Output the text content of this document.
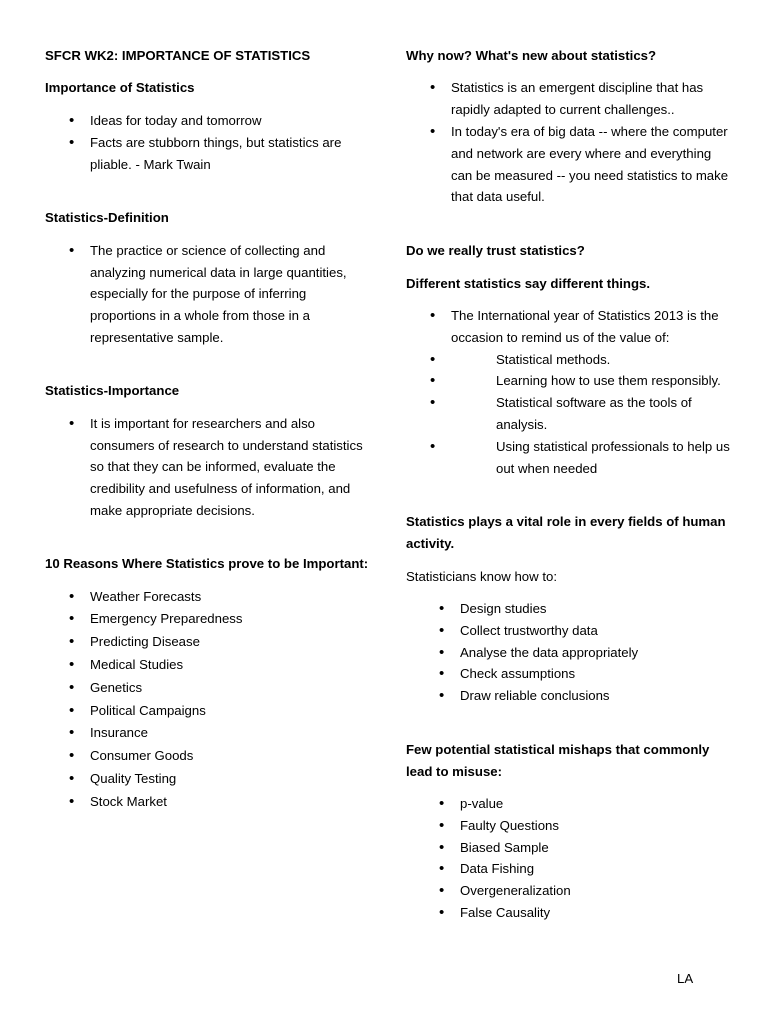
SFCR WK2: IMPORTANCE OF STATISTICS

Importance of Statistics

• Ideas for today and tomorrow
• Facts are stubborn things, but statistics are pliable. - Mark Twain

Statistics-Definition

• The practice or science of collecting and analyzing numerical data in large quantities, especially for the purpose of inferring proportions in a whole from those in a representative sample.

Statistics-Importance

• It is important for researchers and also consumers of research to understand statistics so that they can be informed, evaluate the credibility and usefulness of information, and make appropriate decisions.

10 Reasons Where Statistics prove to be Important:

• Weather Forecasts
• Emergency Preparedness
• Predicting Disease
• Medical Studies
• Genetics
• Political Campaigns
• Insurance
• Consumer Goods
• Quality Testing
• Stock Market

Why now? What's new about statistics?

• Statistics is an emergent discipline that has rapidly adapted to current challenges..
• In today's era of big data -- where the computer and network are every where and everything can be measured -- you need statistics to make that data useful.

Do we really trust statistics?

Different statistics say different things.

• The International year of Statistics 2013 is the occasion to remind us of the value of:
• Statistical methods.
• Learning how to use them responsibly.
• Statistical software as the tools of analysis.
• Using statistical professionals to help us out when needed

Statistics plays a vital role in every fields of human activity.

Statisticians know how to:

• Design studies
• Collect trustworthy data
• Analyse the data appropriately
• Check assumptions
• Draw reliable conclusions

Few potential statistical mishaps that commonly lead to misuse:

• p-value
• Faulty Questions
• Biased Sample
• Data Fishing
• Overgeneralization
• False Causality

LA
